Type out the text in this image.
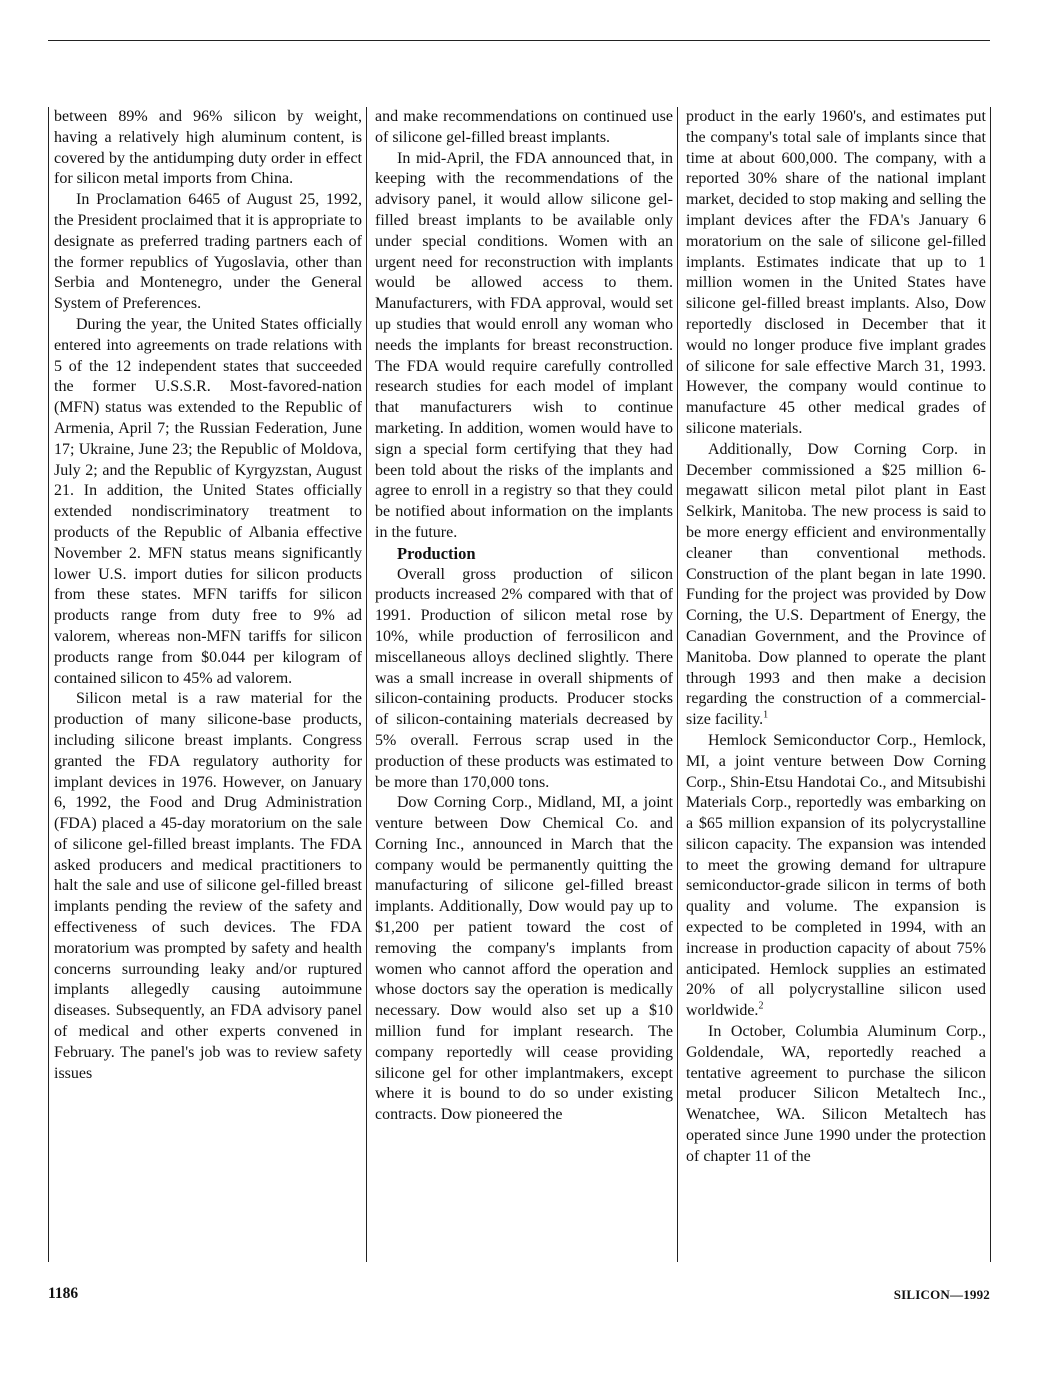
between 89% and 96% silicon by weight, having a relatively high aluminum content, is covered by the antidumping duty order in effect for silicon metal imports from China.

In Proclamation 6465 of August 25, 1992, the President proclaimed that it is appropriate to designate as preferred trading partners each of the former republics of Yugoslavia, other than Serbia and Montenegro, under the General System of Preferences.

During the year, the United States officially entered into agreements on trade relations with 5 of the 12 independent states that succeeded the former U.S.S.R. Most-favored-nation (MFN) status was extended to the Republic of Armenia, April 7; the Russian Federation, June 17; Ukraine, June 23; the Republic of Moldova, July 2; and the Republic of Kyrgyzstan, August 21. In addition, the United States officially extended nondiscriminatory treatment to products of the Republic of Albania effective November 2. MFN status means significantly lower U.S. import duties for silicon products from these states. MFN tariffs for silicon products range from duty free to 9% ad valorem, whereas non-MFN tariffs for silicon products range from $0.044 per kilogram of contained silicon to 45% ad valorem.

Silicon metal is a raw material for the production of many silicone-base products, including silicone breast implants. Congress granted the FDA regulatory authority for implant devices in 1976. However, on January 6, 1992, the Food and Drug Administration (FDA) placed a 45-day moratorium on the sale of silicone gel-filled breast implants. The FDA asked producers and medical practitioners to halt the sale and use of silicone gel-filled breast implants pending the review of the safety and effectiveness of such devices. The FDA moratorium was prompted by safety and health concerns surrounding leaky and/or ruptured implants allegedly causing autoimmune diseases. Subsequently, an FDA advisory panel of medical and other experts convened in February. The panel's job was to review safety issues

and make recommendations on continued use of silicone gel-filled breast implants.

In mid-April, the FDA announced that, in keeping with the recommendations of the advisory panel, it would allow silicone gel-filled breast implants to be available only under special conditions. Women with an urgent need for reconstruction with implants would be allowed access to them. Manufacturers, with FDA approval, would set up studies that would enroll any woman who needs the implants for breast reconstruction. The FDA would require carefully controlled research studies for each model of implant that manufacturers wish to continue marketing. In addition, women would have to sign a special form certifying that they had been told about the risks of the implants and agree to enroll in a registry so that they could be notified about information on the implants in the future.

Production

Overall gross production of silicon products increased 2% compared with that of 1991. Production of silicon metal rose by 10%, while production of ferrosilicon and miscellaneous alloys declined slightly. There was a small increase in overall shipments of silicon-containing products. Producer stocks of silicon-containing materials decreased by 5% overall. Ferrous scrap used in the production of these products was estimated to be more than 170,000 tons.

Dow Corning Corp., Midland, MI, a joint venture between Dow Chemical Co. and Corning Inc., announced in March that the company would be permanently quitting the manufacturing of silicone gel-filled breast implants. Additionally, Dow would pay up to $1,200 per patient toward the cost of removing the company's implants from women who cannot afford the operation and whose doctors say the operation is medically necessary. Dow would also set up a $10 million fund for implant research. The company reportedly will cease providing silicone gel for other implantmakers, except where it is bound to do so under existing contracts. Dow pioneered the

product in the early 1960's, and estimates put the company's total sale of implants since that time at about 600,000. The company, with a reported 30% share of the national implant market, decided to stop making and selling the implant devices after the FDA's January 6 moratorium on the sale of silicone gel-filled implants. Estimates indicate that up to 1 million women in the United States have silicone gel-filled breast implants. Also, Dow reportedly disclosed in December that it would no longer produce five implant grades of silicone for sale effective March 31, 1993. However, the company would continue to manufacture 45 other medical grades of silicone materials.

Additionally, Dow Corning Corp. in December commissioned a $25 million 6-megawatt silicon metal pilot plant in East Selkirk, Manitoba. The new process is said to be more energy efficient and environmentally cleaner than conventional methods. Construction of the plant began in late 1990. Funding for the project was provided by Dow Corning, the U.S. Department of Energy, the Canadian Government, and the Province of Manitoba. Dow planned to operate the plant through 1993 and then make a decision regarding the construction of a commercial-size facility.$^1$

Hemlock Semiconductor Corp., Hemlock, MI, a joint venture between Dow Corning Corp., Shin-Etsu Handotai Co., and Mitsubishi Materials Corp., reportedly was embarking on a $65 million expansion of its polycrystalline silicon capacity. The expansion was intended to meet the growing demand for ultrapure semiconductor-grade silicon in terms of both quality and volume. The expansion is expected to be completed in 1994, with an increase in production capacity of about 75% anticipated. Hemlock supplies an estimated 20% of all polycrystalline silicon used worldwide.$^2$

In October, Columbia Aluminum Corp., Goldendale, WA, reportedly reached a tentative agreement to purchase the silicon metal producer Silicon Metaltech Inc., Wenatchee, WA. Silicon Metaltech has operated since June 1990 under the protection of chapter 11 of the

1186	SILICON—1992
